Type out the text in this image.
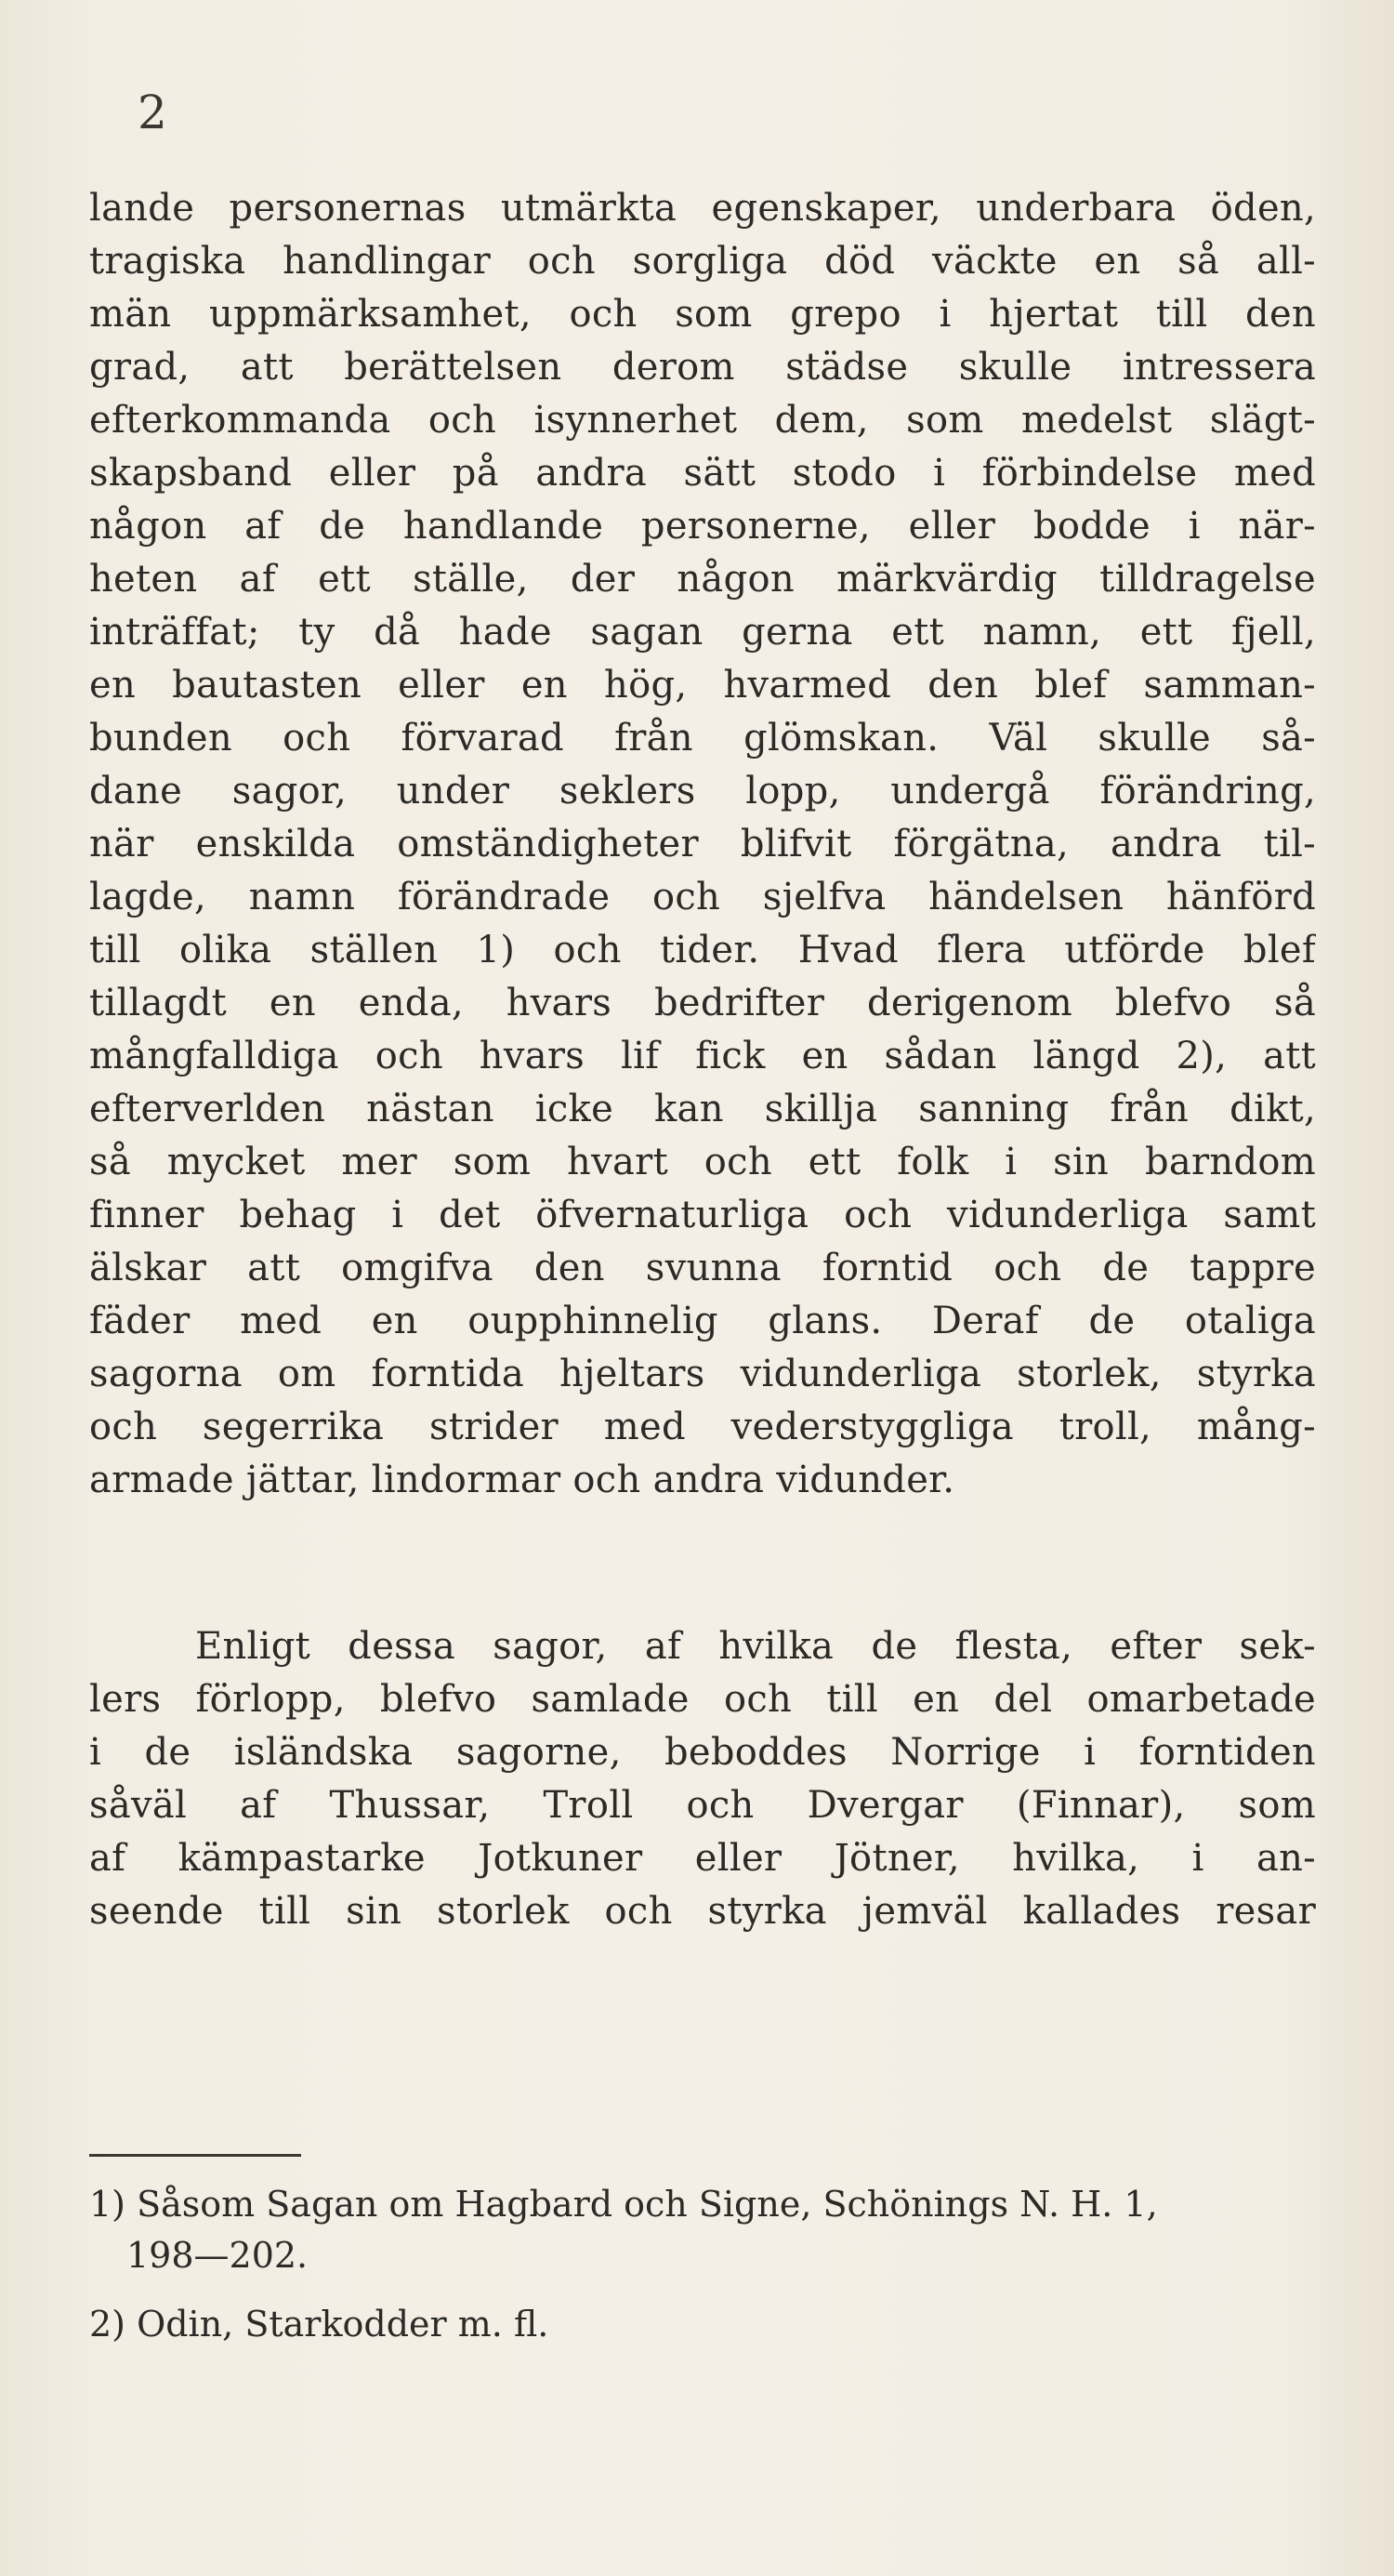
2
lande personernas utmärkta egenskaper, underbara öden,
tragiska handlingar och sorgliga död väckte en så all-
män uppmärksamhet, och som grepo i hjertat till den
grad, att berättelsen derom städse skulle intressera
efterkommanda och isynnerhet dem, som medelst slägt-
skapsband eller på andra sätt stodo i förbindelse med
någon af de handlande personerne, eller bodde i när-
heten af ett ställe, der någon märkvärdig tilldragelse
inträffat; ty då hade sagan gerna ett namn, ett fjell,
en bautasten eller en hög, hvarmed den blef samman-
bunden och förvarad från glömskan. Väl skulle så-
dane sagor, under seklers lopp, undergå förändring,
när enskilda omständigheter blifvit förgätna, andra til-
lagde, namn förändrade och sjelfva händelsen hänförd
till olika ställen 1) och tider. Hvad flera utförde blef
tillagdt en enda, hvars bedrifter derigenom blefvo så
mångfalldiga och hvars lif fick en sådan längd 2), att
efterverlden nästan icke kan skillja sanning från dikt,
så mycket mer som hvart och ett folk i sin barndom
finner behag i det öfvernaturliga och vidunderliga samt
älskar att omgifva den svunna forntid och de tappre
fäder med en oupphinnelig glans. Deraf de otaliga
sagorna om forntida hjeltars vidunderliga storlek, styrka
och segerrika strider med vederstyggliga troll, mång-
armade jättar, lindormar och andra vidunder.
Enligt dessa sagor, af hvilka de flesta, efter sek-
lers förlopp, blefvo samlade och till en del omarbetade
i de isländska sagorne, beboddes Norrige i forntiden
såväl af Thussar, Troll och Dvergar (Finnar), som
af kämpastarke Jotkuner eller Jötner, hvilka, i an-
seende till sin storlek och styrka jemväl kallades resar
1) Såsom Sagan om Hagbard och Signe, Schönings N. H. 1,
198—202.
2) Odin, Starkodder m. fl.
